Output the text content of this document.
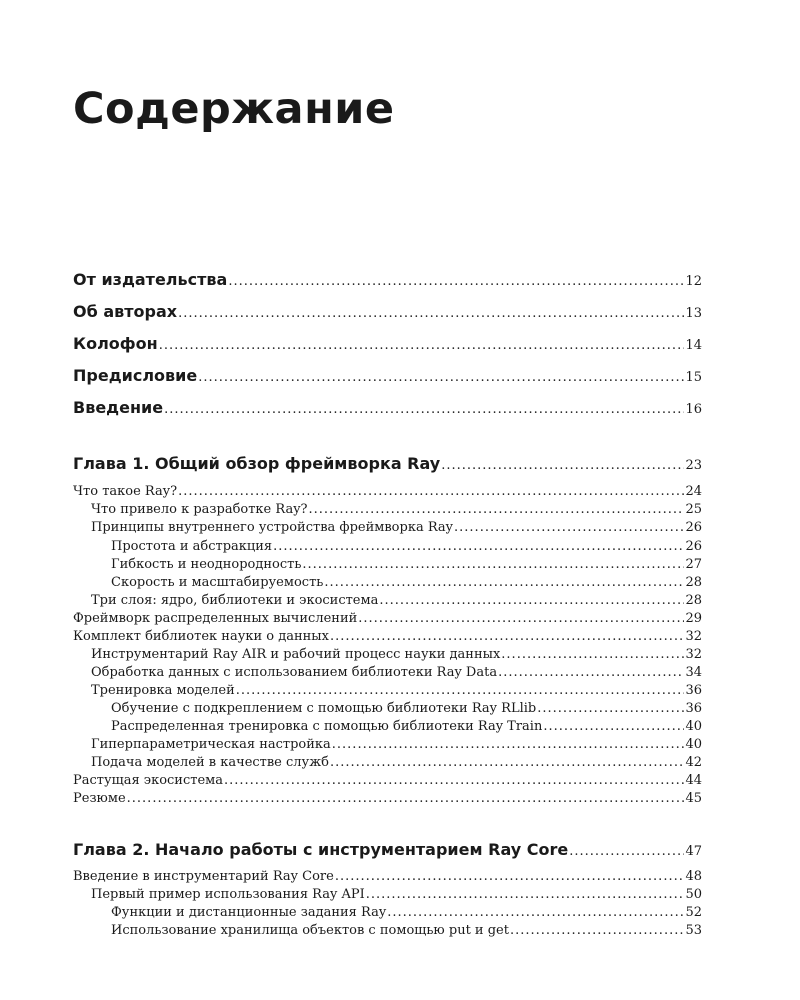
Содержание
От издательства .....	12
Об авторах .....	13
Колофон .....	14
Предисловие .....	15
Введение .....	16
Глава 1. Общий обзор фреймворка Ray .....	23
Что такое Ray? .....	24
Что привело к разработке Ray? .....	25
Принципы внутреннего устройства фреймворка Ray .....	26
Простота и абстракция .....	26
Гибкость и неоднородность .....	27
Скорость и масштабируемость .....	28
Три слоя: ядро, библиотеки и экосистема .....	28
Фреймворк распределенных вычислений .....	29
Комплект библиотек науки о данных .....	32
Инструментарий Ray AIR и рабочий процесс науки данных .....	32
Обработка данных с использованием библиотеки Ray Data .....	34
Тренировка моделей .....	36
Обучение с подкреплением с помощью библиотеки Ray RLlib .....	36
Распределенная тренировка с помощью библиотеки Ray Train .....	40
Гиперпараметрическая настройка .....	40
Подача моделей в качестве служб .....	42
Растущая экосистема .....	44
Резюме .....	45
Глава 2. Начало работы с инструментарием Ray Core .....	47
Введение в инструментарий Ray Core .....	48
Первый пример использования Ray API .....	50
Функции и дистанционные задания Ray .....	52
Использование хранилища объектов с помощью put и get .....	53
